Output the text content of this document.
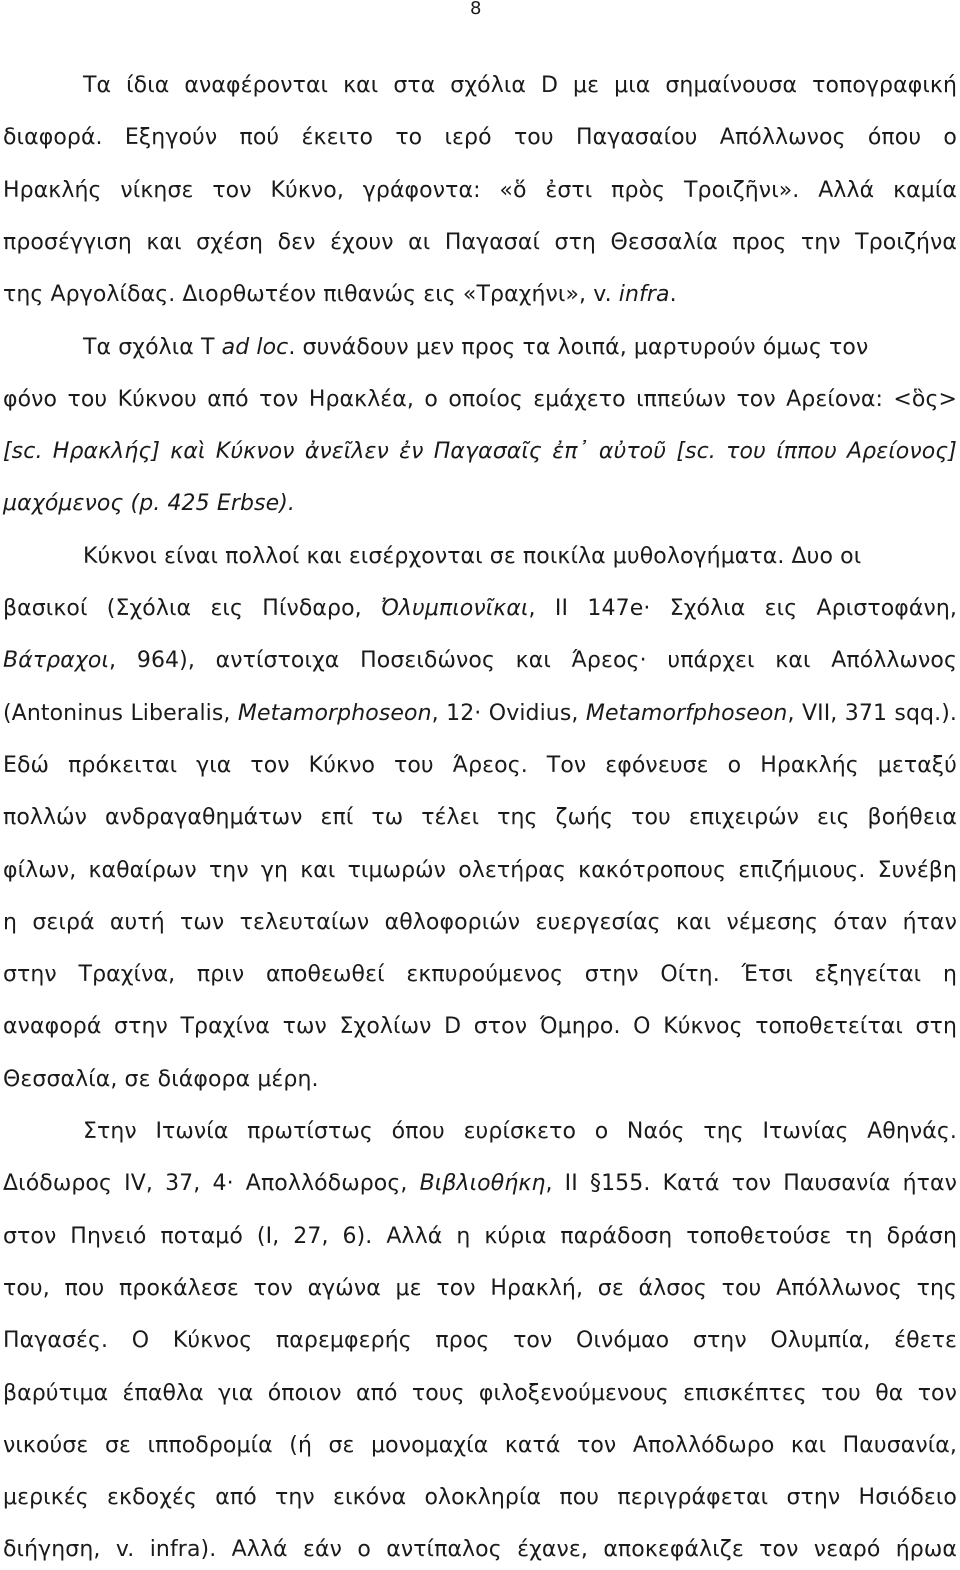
8
Τα ίδια αναφέρονται και στα σχόλια D με μια σημαίνουσα τοπογραφική
διαφορά. Εξηγούν πού έκειτο το ιερό του Παγασαίου Απόλλωνος όπου ο
Ηρακλής νίκησε τον Κύκνο, γράφοντα: «ὅ ἐστι πρὸς Τροιζῆνι». Αλλά καμία
προσέγγιση και σχέση δεν έχουν αι Παγασαί στη Θεσσαλία προς την Τροιζήνα
της Αργολίδας. Διορθωτέον πιθανώς εις «Τραχήνι», v. infra.
Τα σχόλια T ad loc. συνάδουν μεν προς τα λοιπά, μαρτυρούν όμως τον
φόνο του Κύκνου από τον Ηρακλέα, ο οποίος εμάχετο ιππεύων τον Αρείονα: <ὃς>
[sc. Ηρακλής] καὶ Κύκνον ἀνεῖλεν ἐν Παγασαῖς ἐπ᾽ αὐτοῦ [sc. του ίππου Αρείονος]
μαχόμενος (p. 425 Erbse).
Κύκνοι είναι πολλοί και εισέρχονται σε ποικίλα μυθολογήματα. Δυο οι
βασικοί (Σχόλια εις Πίνδαρο, Ὀλυμπιονῖκαι, II 147e· Σχόλια εις Αριστοφάνη,
Βάτραχοι, 964), αντίστοιχα Ποσειδώνος και Άρεος· υπάρχει και Απόλλωνος
(Antoninus Liberalis, Metamorphoseon, 12· Ovidius, Metamorfphoseon, VII, 371 sqq.).
Εδώ πρόκειται για τον Κύκνο του Άρεος. Τον εφόνευσε ο Ηρακλής μεταξύ
πολλών ανδραγαθημάτων επί τω τέλει της ζωής του επιχειρών εις βοήθεια
φίλων, καθαίρων την γη και τιμωρών ολετήρας κακότροπους επιζήμιους. Συνέβη
η σειρά αυτή των τελευταίων αθλοφοριών ευεργεσίας και νέμεσης όταν ήταν
στην Τραχίνα, πριν αποθεωθεί εκπυρούμενος στην Οίτη. Έτσι εξηγείται η
αναφορά στην Τραχίνα των Σχολίων D στον Όμηρο. Ο Κύκνος τοποθετείται στη
Θεσσαλία, σε διάφορα μέρη.
Στην Ιτωνία πρωτίστως όπου ευρίσκετο ο Ναός της Ιτωνίας Αθηνάς.
Διόδωρος IV, 37, 4· Απολλόδωρος, Βιβλιοθήκη, II §155. Κατά τον Παυσανία ήταν
στον Πηνειό ποταμό (I, 27, 6). Αλλά η κύρια παράδοση τοποθετούσε τη δράση
του, που προκάλεσε τον αγώνα με τον Ηρακλή, σε άλσος του Απόλλωνος της
Παγασές. Ο Κύκνος παρεμφερής προς τον Οινόμαο στην Ολυμπία, έθετε
βαρύτιμα έπαθλα για όποιον από τους φιλοξενούμενους επισκέπτες του θα τον
νικούσε σε ιπποδρομία (ή σε μονομαχία κατά τον Απολλόδωρο και Παυσανία,
μερικές εκδοχές από την εικόνα ολοκληρία που περιγράφεται στην Ησιόδειο
διήγηση, v. infra). Αλλά εάν ο αντίπαλος έχανε, αποκεφάλιζε τον νεαρό ήρωα
